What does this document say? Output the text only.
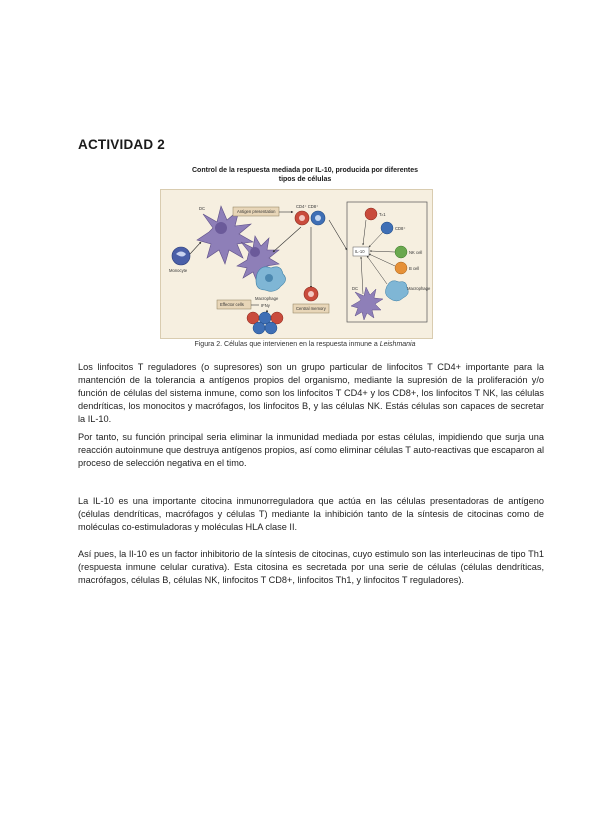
ACTIVIDAD 2
Control de la respuesta mediada por IL-10, producida por diferentes
tipos de células
DC
Monocyte
Antigen presentation
CD4⁺ CD8⁺
Macrophage
IFNγ
Effector cells
Central memory
IL-10
Tₕ1
CD8⁺
NK cell
B cell
Macrophage
DC
Figura 2. Células que intervienen en la respuesta inmune a Leishmania

Los linfocitos T reguladores (o supresores) son un grupo particular de linfocitos T CD4+ importante para la mantención de la tolerancia a antígenos propios del organismo, mediante la supresión de la proliferación y/o función de células del sistema inmune, como son los linfocitos T CD4+ y los CD8+, los linfocitos T NK, las células dendríticas, los monocitos y macrófagos, los linfocitos B, y las células NK. Estás células son capaces de secretar la IL-10.

Por tanto, su función principal seria eliminar la inmunidad mediada por estas células, impidiendo que surja una reacción autoinmune que destruya antígenos propios, así como eliminar células T auto-reactivas que escaparon al proceso de selección negativa en el timo.

La IL-10 es una importante citocina inmunorreguladora que actúa en las células presentadoras de antígeno (células dendríticas, macrófagos y células T) mediante la inhibición tanto de la síntesis de citocinas como de moléculas co-estimuladoras y moléculas HLA clase II.

Así pues, la Il-10 es un factor inhibitorio de la síntesis de citocinas, cuyo estimulo son las interleucinas de tipo Th1 (respuesta inmune celular curativa). Esta citosina es secretada por una serie de células (células dendríticas, macrófagos, células B, células NK, linfocitos T CD8+, linfocitos Th1, y linfocitos T reguladores).
